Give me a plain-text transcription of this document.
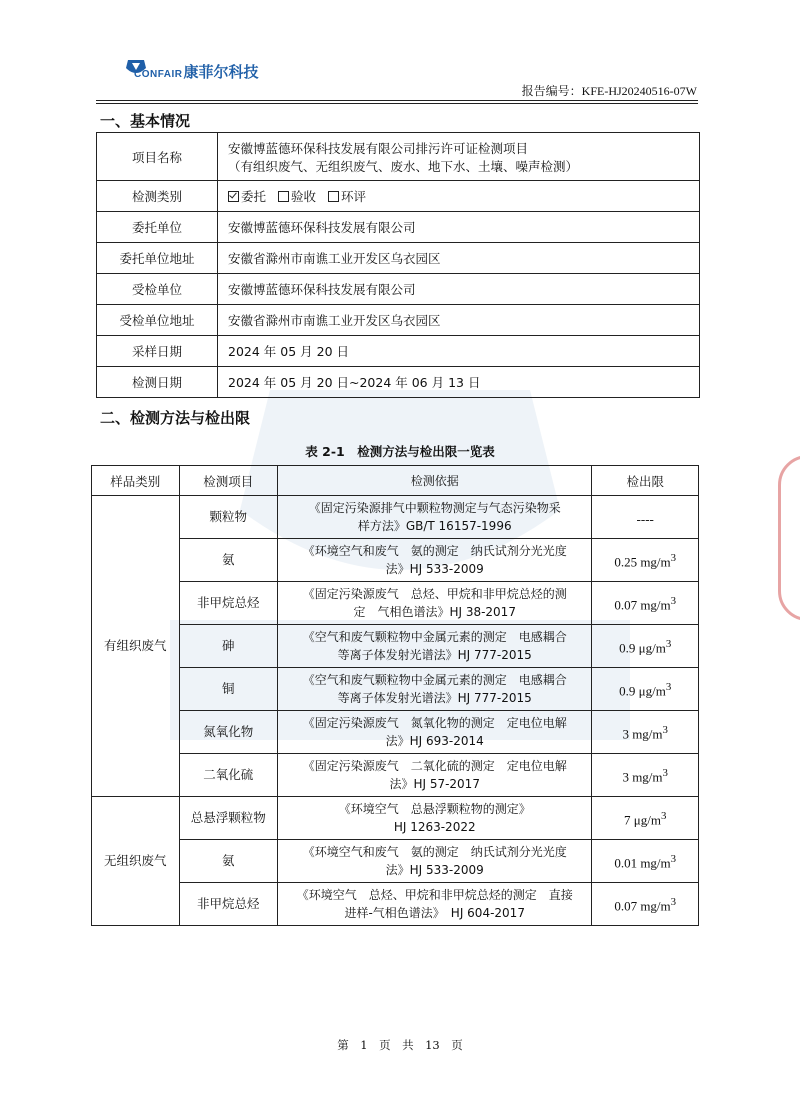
CONFAIR康菲尔科技
报告编号：KFE-HJ20240516-07W
一、基本情况
项目名称	安徽博蓝德环保科技发展有限公司排污许可证检测项目
（有组织废气、无组织废气、废水、地下水、土壤、噪声检测）

检测类别	委托 验收 环评
委托单位	安徽博蓝德环保科技发展有限公司
委托单位地址	安徽省滁州市南谯工业开发区乌衣园区
受检单位	安徽博蓝德环保科技发展有限公司
受检单位地址	安徽省滁州市南谯工业开发区乌衣园区
采样日期	2024 年 05 月 20 日
检测日期	2024 年 05 月 20 日~2024 年 06 月 13 日
二、检测方法与检出限
表 2-1　检测方法与检出限一览表
样品类别	检测项目	检测依据	检出限
有组织废气	颗粒物	《固定污染源排气中颗粒物测定与气态污染物采
样方法》GB/T 16157-1996	----
	氨	《环境空气和废气　氨的测定　纳氏试剂分光光度
法》HJ 533-2009	0.25 $mg/m^3$
	非甲烷总烃	《固定污染源废气　总烃、甲烷和非甲烷总烃的测
定　气相色谱法》HJ 38-2017	0.07 $mg/m^3$
	砷	《空气和废气颗粒物中金属元素的测定　电感耦合
等离子体发射光谱法》HJ 777-2015	0.9 $\mu g/m^3$
	铜	《空气和废气颗粒物中金属元素的测定　电感耦合
等离子体发射光谱法》HJ 777-2015	0.9 $\mu g/m^3$
	氮氧化物	《固定污染源废气　氮氧化物的测定　定电位电解
法》HJ 693-2014	3 $mg/m^3$
	二氧化硫	《固定污染源废气　二氧化硫的测定　定电位电解
法》HJ 57-2017	3 $mg/m^3$
无组织废气	总悬浮颗粒物	《环境空气　总悬浮颗粒物的测定》
HJ 1263-2022	7 $\mu g/m^3$
	氨	《环境空气和废气　氨的测定　纳氏试剂分光光度
法》HJ 533-2009	0.01 $mg/m^3$
	非甲烷总烃	《环境空气　总烃、甲烷和非甲烷总烃的测定　直接
进样-气相色谱法》　HJ 604-2017	0.07 $mg/m^3$
第　1　页　共　13　页
